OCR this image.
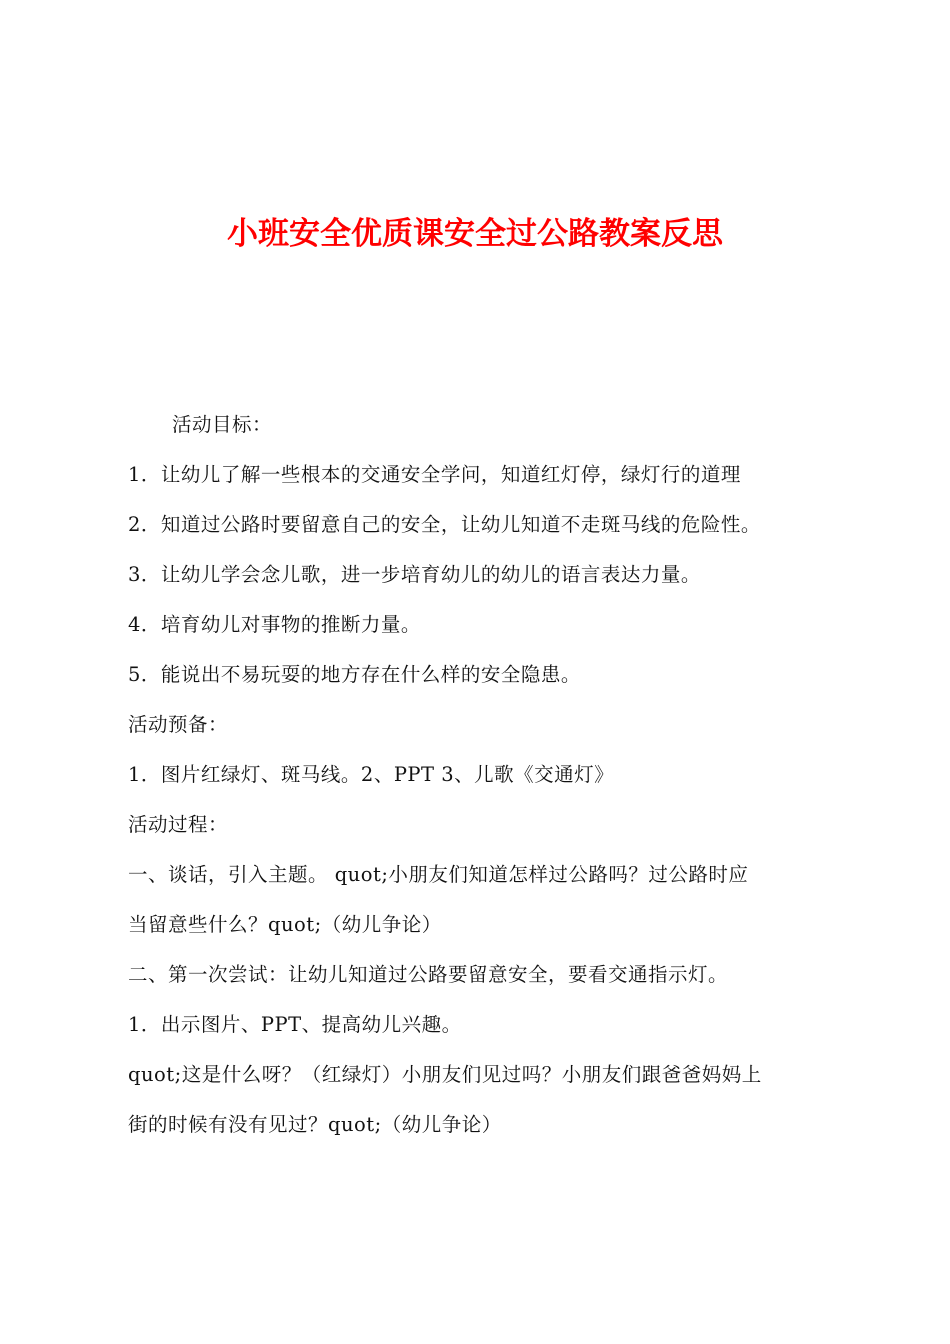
小班安全优质课安全过公路教案反思
活动目标：
1．让幼儿了解一些根本的交通安全学问，知道红灯停，绿灯行的道理
2．知道过公路时要留意自己的安全，让幼儿知道不走斑马线的危险性。
3．让幼儿学会念儿歌，进一步培育幼儿的幼儿的语言表达力量。
4．培育幼儿对事物的推断力量。
5．能说出不易玩耍的地方存在什么样的安全隐患。
活动预备：
1．图片红绿灯、斑马线。2、PPT 3、儿歌《交通灯》
活动过程：
一、谈话，引入主题。 quot;小朋友们知道怎样过公路吗？过公路时应
当留意些什么？quot;（幼儿争论）
二、第一次尝试：让幼儿知道过公路要留意安全，要看交通指示灯。
1．出示图片、PPT、提高幼儿兴趣。
quot;这是什么呀？（红绿灯）小朋友们见过吗？小朋友们跟爸爸妈妈上
街的时候有没有见过？quot;（幼儿争论）
